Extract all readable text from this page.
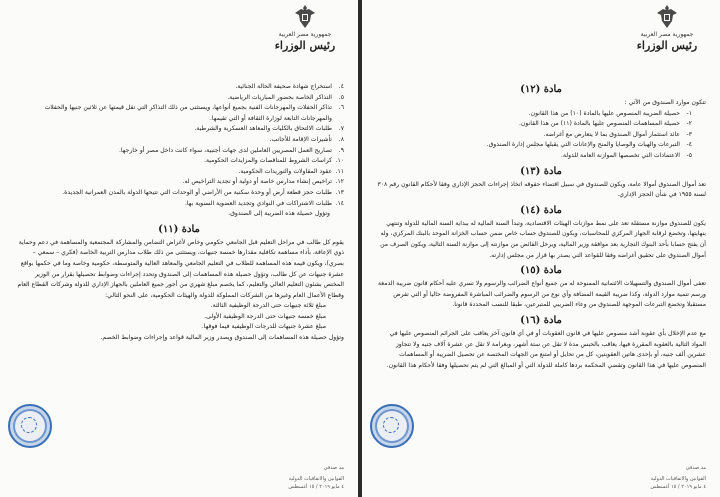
جمهورية مصر العربية
رئيس الوزراء
٤.
استخراج شهادة صحيفة الحالة الجنائية.
٥.
التذاكر الخاصة بحضور المباريات الرياضية.
٦.
تذاكر الحفلات والمهرجانات الفنية بجميع أنواعها، ويستثنى من ذلك التذاكر التي تقل قيمتها عن ثلاثين جنيها والحفلات والمهرجانات التابعة لوزارة الثقافة أو التي تقيمها.
٧.
طلبات الالتحاق بالكليات والمعاهد العسكرية والشرطية.
٨.
تأشيرات الإقامة للأجانب.
٩.
تصاريح العمل المصريين العاملين لدى جهات أجنبية، سواء كانت داخل مصر أو خارجها.
١٠.
كراسات الشروط للمناقصات والمزايدات الحكومية.
١١.
عقود المقاولات والتوريدات الحكومية.
١٢.
تراخيص إنشاء مدارس خاصة أو دولية أو تجديد التراخيص له.
١٣.
طلبات حجز قطعة أرض أو وحدة سكنية من الأراضي أو الوحدات التي تتيحها الدولة بالمدن العمرانية الجديدة.
١٤.
طلبات الاشتراكات في النوادي وتجديد العضوية السنوية بها.

وتؤول حصيلة هذه الضريبة إلى الصندوق.

مادة (١١)

يقوم كل طالب في مراحل التعليم قبل الجامعي حكومي وخاص لأغراض التضامن والمشاركة المجتمعية والمساهمة في دعم وحماية ذوي الإعاقة، بأداء مساهمة تكافلية مقدارها خمسة جنيهات، ويستثنى من ذلك طلاب مدارس التربية الخاصة (فكري – سمعي – بصري)، ويكون قيمة هذه المساهمة للطلاب في التعليم الجامعي والمعاهد العالية والمتوسطة، حكومية وخاصة وما في حكمها بواقع عشرة جنيهات عن كل طالب، وتؤول حصيلة هذه المساهمات إلى الصندوق وتحدد إجراءات وضوابط تحصيلها بقرار من الوزير المختص بشئون التعليم العالي والتعليم، كما يخصم مبلغ شهري من أجور جميع العاملين بالجهاز الإداري للدولة وشركات القطاع العام وقطاع الأعمال العام وغيرها من الشركات المملوكة للدولة والهيئات الحكومية، على النحو التالي:

مبلغ ثلاثة جنيهات حتى الدرجة الوظيفية الثالثة.

مبلغ خمسة جنيهات حتى الدرجة الوظيفية الأولى.

مبلغ عشرة جنيهات للدرجات الوظيفية فيما فوقها.

وتؤول حصيلة هذه المساهمات إلى الصندوق ويصدر وزير المالية قواعد وإجراءات وضوابط الخصم.

مد صدقي
القوانين والاتفاقيات الدولية
٤ مايو ٢٠١٩ / ١٥ أغسطس
جمهورية مصر العربية
رئيس الوزراء
مادة (١٢)

تتكون موارد الصندوق من الآتي :

١-
حصيلة الضريبة المنصوص عليها بالمادة (١٠) من هذا القانون.
٢-
حصيلة المساهمات المنصوص عليها بالمادة (١١) من هذا القانون.
٣-
عائد استثمار أموال الصندوق بما لا يتعارض مع أغراضه.
٤-
التبرعات والهبات والوصايا والمنح والإعانات التي يقبلها مجلس إدارة الصندوق.
٥-
الاعتمادات التي تخصصها الموازنة العامة للدولة.
مادة (١٣)

تعد أموال الصندوق أموالا عامة، ويكون للصندوق في سبيل اقتضاء حقوقه اتخاذ إجراءات الحجز الإداري وفقا لأحكام القانون رقم ٣٠٨ لسنة ١٩٥٥ في شأن الحجز الإداري.

مادة (١٤)

يكون للصندوق موازنة مستقلة تعد على نمط موازنات الهيئات الاقتصادية، وتبدأ السنة المالية له ببداية السنة المالية للدولة وتنتهي بنهايتها، وتخضع لرقابة الجهاز المركزي للمحاسبات، ويكون للصندوق حساب خاص ضمن حساب الخزانة الموحد بالبنك المركزي، وله أن يفتح حسابا بأحد البنوك التجارية بعد موافقة وزير المالية، ويرحل الفائض من موازنته إلى موازنة السنة التالية، ويكون الصرف من أموال الصندوق على تحقيق أغراضه وفقا للقواعد التي يصدر بها قرار من مجلس إدارته.

مادة (١٥)

تعفى أموال الصندوق والتسهيلات الائتمانية الممنوحة له من جميع أنواع الضرائب والرسوم ولا تسري عليه أحكام قانون ضريبة الدمغة ورسم تنمية موارد الدولة، وكذا ضريبة القيمة المضافة وأي نوع من الرسوم والضرائب المباشرة المفروضة حاليا أو التي تفرض مستقبلا وتخضع التبرعات الموجهة للصندوق من وعاء الضريبي للمتبرعين، طبقا للنسب المحددة قانونا.

مادة (١٦)

مع عدم الإخلال بأي عقوبة أشد منصوص عليها في قانون العقوبات أو في أي قانون آخر يعاقب على الجرائم المنصوص عليها في المواد التالية بالعقوبة المقررة فيها، يعاقب بالحبس مدة لا تقل عن ستة أشهر، وبغرامة لا تقل عن عشرة آلاف جنيه ولا تتجاوز عشرين ألف جنيه، أو بإحدى هاتين العقوبتين، كل من تحايل أو امتنع من الجهات المختصة عن تحصيل الضريبة أو المساهمات المنصوص عليها في هذا القانون وتقضي المحكمة بردها كاملة للدولة التي أو المبالغ التي لم يتم تحصيلها وفقا لأحكام هذا القانون.

مد صدقي
القوانين والاتفاقيات الدولية
٤ مايو ٢٠١٩ / ١٥ أغسطس
